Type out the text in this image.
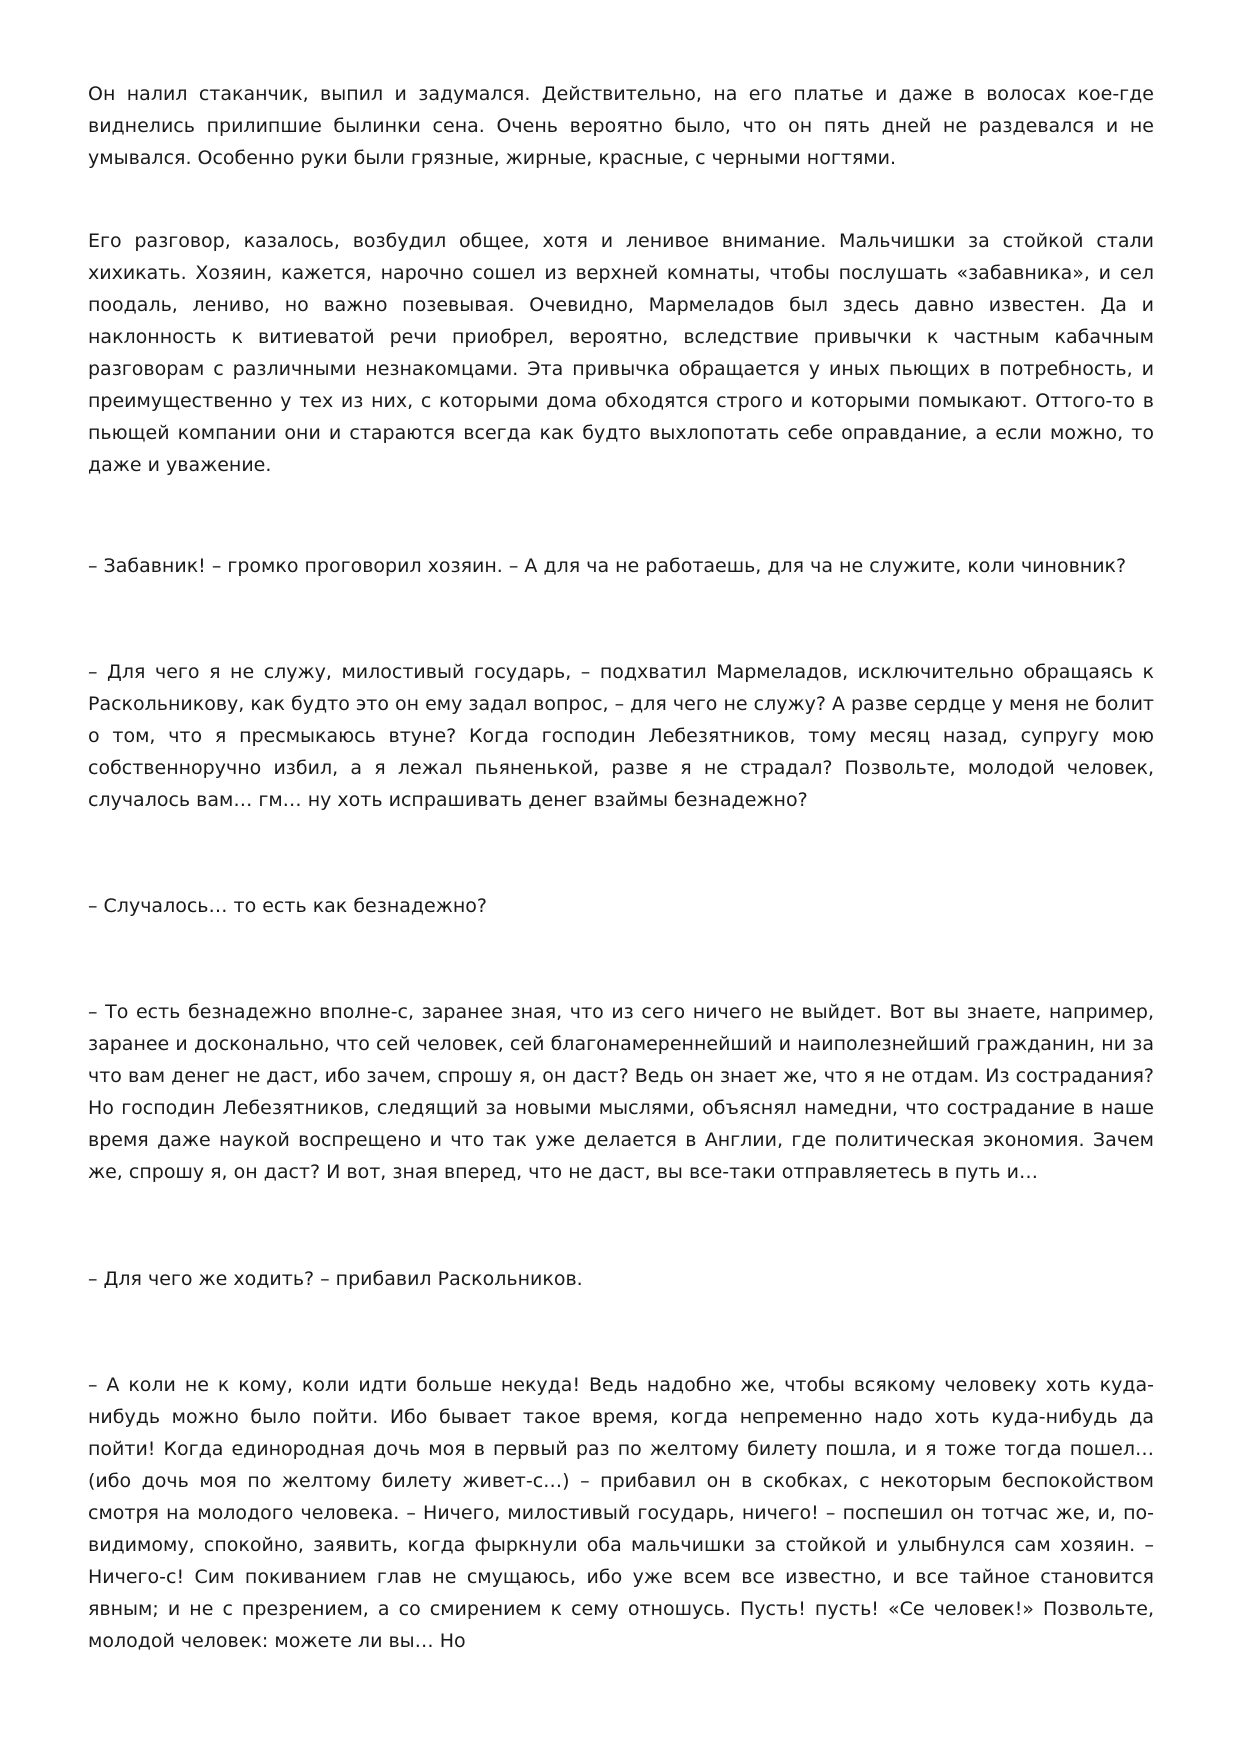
Он налил стаканчик, выпил и задумался. Действительно, на его платье и даже в волосах кое-где виднелись прилипшие былинки сена. Очень вероятно было, что он пять дней не раздевался и не умывался. Особенно руки были грязные, жирные, красные, с черными ногтями.

Его разговор, казалось, возбудил общее, хотя и ленивое внимание. Мальчишки за стойкой стали хихикать. Хозяин, кажется, нарочно сошел из верхней комнаты, чтобы послушать «забавника», и сел поодаль, лениво, но важно позевывая. Очевидно, Мармеладов был здесь давно известен. Да и наклонность к витиеватой речи приобрел, вероятно, вследствие привычки к частным кабачным разговорам с различными незнакомцами. Эта привычка обращается у иных пьющих в потребность, и преимущественно у тех из них, с которыми дома обходятся строго и которыми помыкают. Оттого-то в пьющей компании они и стараются всегда как будто выхлопотать себе оправдание, а если можно, то даже и уважение.

– Забавник! – громко проговорил хозяин. – А для ча не работаешь, для ча не служите, коли чиновник?

– Для чего я не служу, милостивый государь, – подхватил Мармеладов, исключительно обращаясь к Раскольникову, как будто это он ему задал вопрос, – для чего не служу? А разве сердце у меня не болит о том, что я пресмыкаюсь втуне? Когда господин Лебезятников, тому месяц назад, супругу мою собственноручно избил, а я лежал пьяненькой, разве я не страдал? Позвольте, молодой человек, случалось вам… гм… ну хоть испрашивать денег взаймы безнадежно?

– Случалось… то есть как безнадежно?

– То есть безнадежно вполне-с, заранее зная, что из сего ничего не выйдет. Вот вы знаете, например, заранее и досконально, что сей человек, сей благонамереннейший и наиполезнейший гражданин, ни за что вам денег не даст, ибо зачем, спрошу я, он даст? Ведь он знает же, что я не отдам. Из сострадания? Но господин Лебезятников, следящий за новыми мыслями, объяснял намедни, что сострадание в наше время даже наукой воспрещено и что так уже делается в Англии, где политическая экономия. Зачем же, спрошу я, он даст? И вот, зная вперед, что не даст, вы все-таки отправляетесь в путь и…

– Для чего же ходить? – прибавил Раскольников.

– А коли не к кому, коли идти больше некуда! Ведь надобно же, чтобы всякому человеку хоть куда-нибудь можно было пойти. Ибо бывает такое время, когда непременно надо хоть куда-нибудь да пойти! Когда единородная дочь моя в первый раз по желтому билету пошла, и я тоже тогда пошел… (ибо дочь моя по желтому билету живет-с…) – прибавил он в скобках, с некоторым беспокойством смотря на молодого человека. – Ничего, милостивый государь, ничего! – поспешил он тотчас же, и, по-видимому, спокойно, заявить, когда фыркнули оба мальчишки за стойкой и улыбнулся сам хозяин. – Ничего-с! Сим покиванием глав не смущаюсь, ибо уже всем все известно, и все тайное становится явным; и не с презрением, а со смирением к сему отношусь. Пусть! пусть! «Се человек!» Позвольте, молодой человек: можете ли вы… Но
